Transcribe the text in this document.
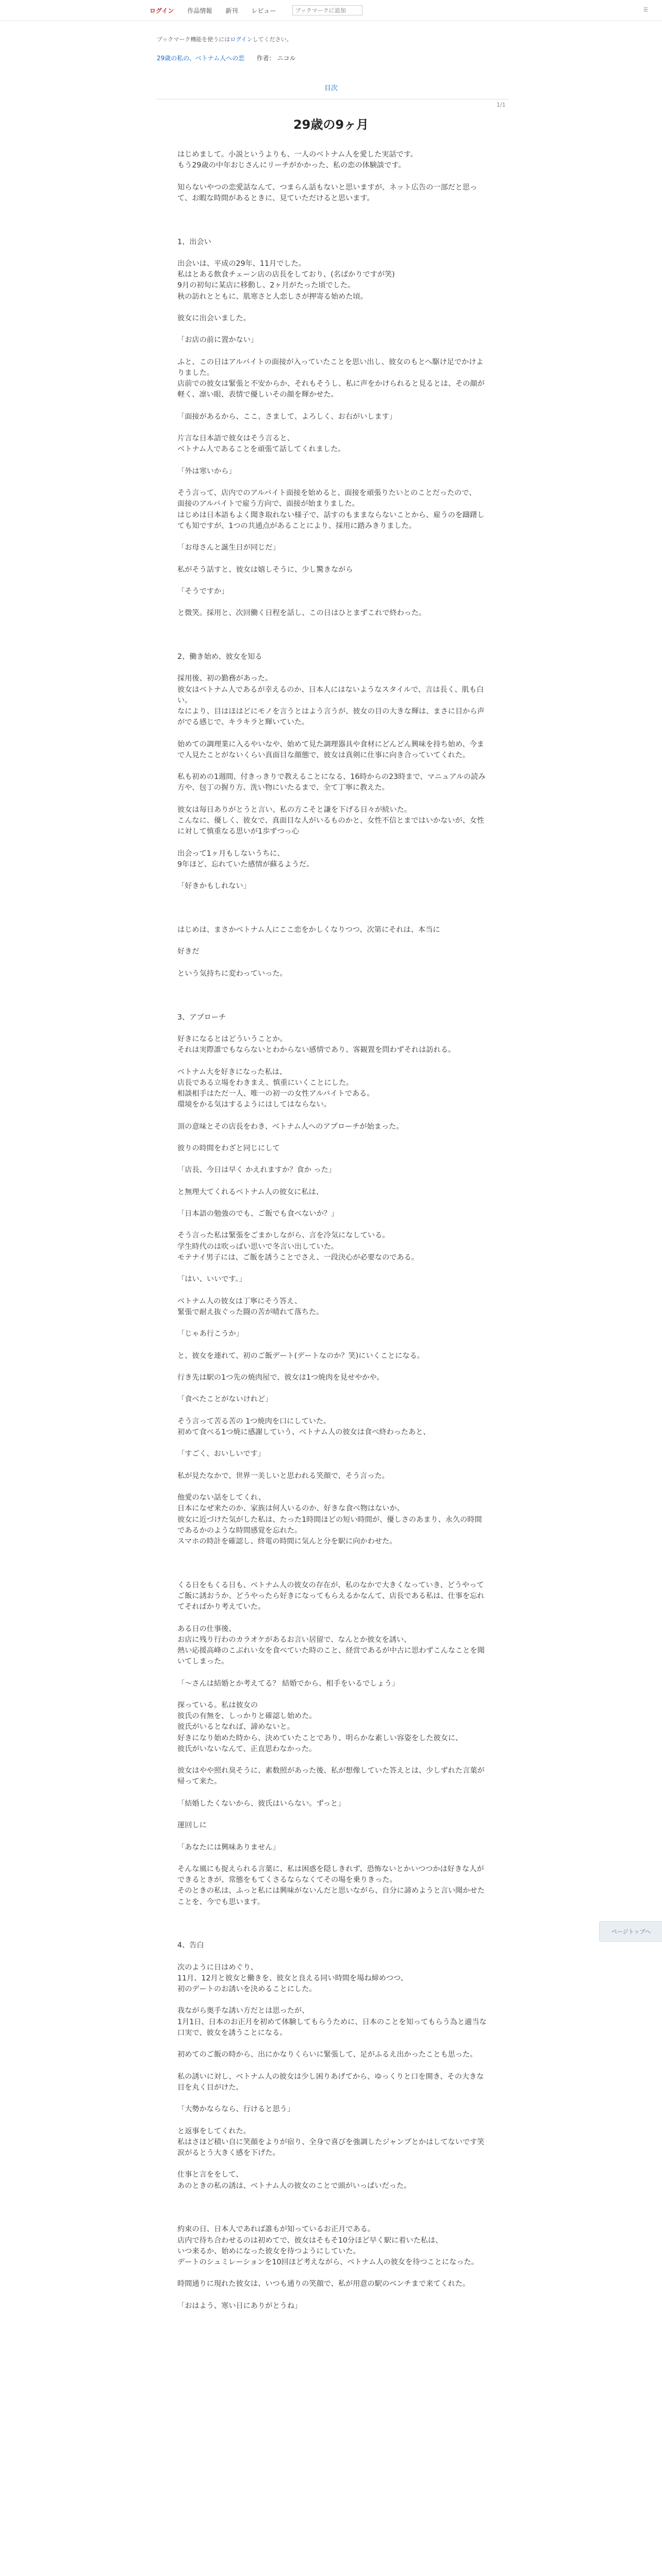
ログイン 作品情報 新刊 レビュー
ブックマークに追加	☰
ブックマーク機能を使うにはログインしてください。
29歳の私の、ベトナム人への恋 作者： ニコル
目次
1/1
29歳の9ヶ月

はじめまして。小説というよりも、一人のベトナム人を愛した実話です。

もう29歳の中年おじさんにリーチがかかった、私の恋の体験談です。

知らないやつの恋愛話なんて、つまらん話もないと思いますが、ネット広告の一部だと思って、お暇な時間があるときに、見ていただけると思います。

1、出会い

出会いは、平成の29年、11月でした。

私はとある飲食チェーン店の店長をしており、(名ばかりですが笑)

9月の初旬に某店に移動し、2ヶ月がたった頃でした。

秋の訪れとともに、肌寒さと人恋しさが押寄る始めた頃。

彼女に出会いました。

「お店の前に置かない」

ふと、この日はアルバイトの面接が入っていたことを思い出し、彼女のもとへ駆け足でかけよりました。

店前での彼女は緊張と不安からか、それもそうし、私に声をかけられると見るとは、その顔が軽く、凛い眼、表情で優しいその顔を輝かせた。

「面接があるから、ここ、さまして、よろしく、お右がいします」

片言な日本語で彼女はそう言ると、

ベトナム人であることを頑張て話してくれました。

「外は寒いから」

そう言って、店内でのアルバイト面接を始めると、面接を頑張りたいとのことだったので、

面接のアルバイトで雇う方向で、面接が始まりました。

はじめは日本語もよく聞き取れない様子で、話すのもままならないことから、雇うのを躊躇しても知ですが、1つの共通点があることにより、採用に踏みきりました。

「お母さんと誕生日が同じだ」

私がそう話すと、彼女は嬉しそうに、少し驚きながら

「そうですか」

と微笑。採用と、次回働く日程を話し、この日はひとまずこれで終わった。

2、働き始め、彼女を知る

採用後、初の勤務があった。

彼女はベトナム人であるが幸えるのか、日本人にはないようなスタイルで、言は長く、肌も白い。

なにより、目はほはどにモノを言うとはよう言うが、彼女の目の大きな輝は、まさに目から声がでる感じで、キラキラと輝いていた。

始めての調理業に入るやいなや、始めて見た調理器具や食材にどんどん興味を持ち始め、今まで人見たことがないくらい真面目な顔態で、彼女は真剣に仕事に向き合っていてくれた。

私も初めの1週間、付きっきりで教えることになる、16時からの23時まで、マニュアルの読み方や、包丁の握り方、洗い物にいたるまで、全て丁寧に教えた。

彼女は毎日ありがとうと言い、私の方こそと謙を下げる日々が続いた。

こんなに、優しく、彼女で、真面目な人がいるものかと、女性不信とまではいかないが、女性に対して慎重なる思いが1歩ずつっ心

出会って1ヶ月もしないうちに、

9年ほど、忘れていた感情が蘇るようだ。

「好きかもしれない」

はじめは、まさかベトナム人にここ恋をかしくなりつつ、次第にそれは、本当に

好きだ

という気持ちに変わっていった。

3、アプローチ

好きになるとはどういうことか。

それは実際誰でもならないとわからない感情であり、客観置を問わずそれは訪れる。

ベトナム大を好きになった私は、

店長である立場をわきまえ、慎重にいくことにした。

相談相手はただ一人、唯一の初一の女性アルバイトである。

環境をかる気はするようにはしてはならない。

頂の意味とその店長をわき、ベトナム人へのアプローチが始まった。

彼りの時間をわざと同じにして

「店長、今日は早く かえれますか？食か った」

と無理大てくれるベトナム人の彼女に私は、

「日本語の勉強のでも、ご飯でも食べないか？」

そう言った私は緊張をごまかしながら、言を冷気になしている。

学生時代のは吹っぱい思いで冬言い出していた。

モテナイ男子には、ご飯を誘うことでさえ、一段決心が必要なのである。

「はい、いいです。」

ベトナム人の彼女は丁寧にそう答え、

緊張で耐え抜ぐった闘の苦が晴れて落ちた。

「じゃあ行こうか」

と、彼女を連れて、初のご飯デート(デートなのか？笑)にいくことになる。

行き先は駅の1つ先の焼肉屋で、彼女は1つ焼肉を見せやかや。

「食べたことがないけれど」

そう言って苦る苦の 1つ焼肉を口にしていた。

初めて食べる1つ焼に感謝していう、ベトナム人の彼女は食べ終わったあと、

「すごく、おいしいです」

私が見たなかで、世界一美しいと思われる笑顔で、そう言った。

他愛のない話をしてくれ、

日本になぜ来たのか、家族は何人いるのか、好きな食べ物はないか。

彼女に近づけた気がした私は、たった1時間ほどの短い時間が、優しさのあまり、永久の時間であるかのような時間感覚を忘れた。

スマホの時計を確認し、終電の時間に気んと分を駅に向かわせた。

くる日をもくる日も、ベトナム人の彼女の存在が、私のなかで大きくなっていき、どうやってご飯に誘おうか、どうやったら好きになってもらえるかなんて、店長である私は、仕事を忘れてそればかり考えていた。

ある日の仕事後、

お店に残り行わのカラオケがあるお言い居留で、なんとか彼女を誘い、

熱い応援高峰のこぶれい女を食べていた時のこと、経営であるが中古に思わずこんなことを聞いてしまった。

「〜さんは結婚とか考えてる？ 結婚でから、相手をいるでしょう」

探っている。私は彼女の

彼氏の有無を、しっかりと確認し始めた。

彼氏がいるとなれば、諦めないと。

好きになり始めた時から、決めていたことであり、明らかな素しい容姿をした彼女に、

彼氏がいないなんて、正直思わなかった。

彼女はやや照れ臭そうに、素数照があった後、私が想像していた答えとは、少しずれた言葉が帰って来た。

「結婚したくないから、彼氏はいらない。ずっと」

運回しに

「あなたには興味ありません」

そんな風にも捉えられる言葉に、私は困惑を隠しきれず、恐怖ないとかいつつかは好きな人ができるときが、常態をもてくさるならなくてその場を乗りきった。

そのときの私は、ふっと私には興味がないんだと思いながら、自分に諦めようと言い聞かせたことを、今でも思います。

4、告白

次のように日はめぐり、

11月、12月と彼女と働きを、彼女と良える同い時間を場ね締めつつ、

初のデートのお誘いを決めることにした。

我ながら奥手な誘い方だとは思ったが、

1月1日、日本のお正月を初めて体験してもらうために、日本のことを知ってもらう為と適当な口実で、彼女を誘うことになる。

初めてのご飯の時から、出にかなりくらいに緊張して、足がふるえ出かったことも思った。

私の誘いに対し、ベトナム人の彼女は少し困りあげてから、ゆっくりと口を開き、その大きな目を丸く目がけた。

「大勢かならなら、行けると思う」

と返事をしてくれた。

私はさほど積い自に笑顔をよりが宿り、全身で喜びを強調したジャンプとかはしてないです笑涙がるとう大きく感を下げた。

仕事と言ををして、

あのときの私の誘は、ベトナム人の彼女のことで頭がいっぱいだった。

約束の日、日本人であれば誰もが知っているお正月である。

店内で待ち合わせるのは初めてで、彼女はそもそ10分ほど早く駅に着いた私は、

いつ来るか、始めになった彼女を待つようにしていた。

デートのシュミレーションを10回ほど考えながら、ベトナム人の彼女を待つことになった。

時間通りに現れた彼女は、いつも通りの笑顔で、私が用意の駅のベンチまで来てくれた。

「おはよう、寒い日にありがとうね」

ページトップへ
